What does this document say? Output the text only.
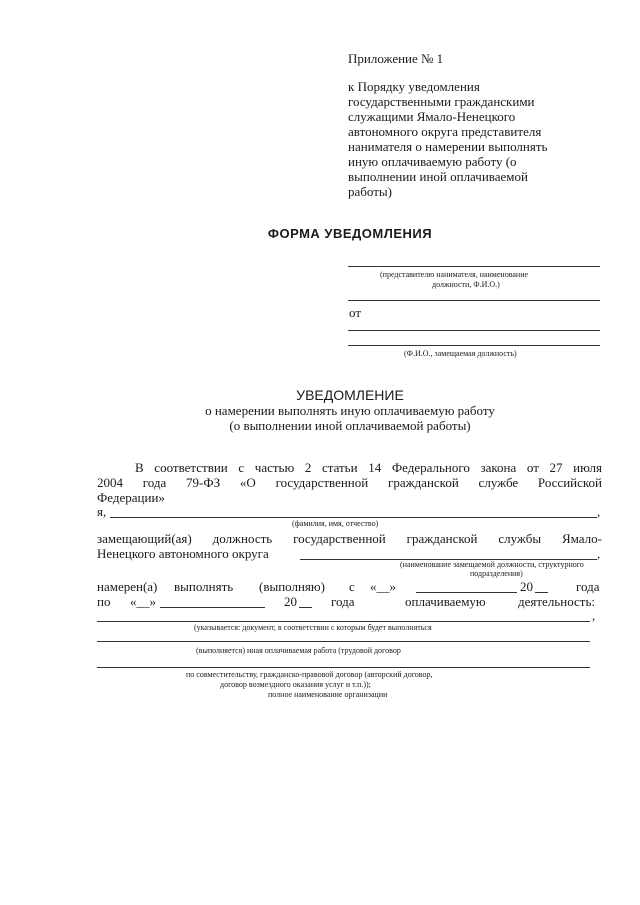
Приложение № 1
к Порядку уведомления
государственными гражданскими
служащими Ямало-Ненецкого
автономного округа представителя
нанимателя о намерении выполнять
иную оплачиваемую работу (о
выполнении иной оплачиваемой
работы)
ФОРМА УВЕДОМЛЕНИЯ
(представителю нанимателя, наименование
должности, Ф.И.О.)
от
(Ф.И.О., замещаемая должность)
УВЕДОМЛЕНИЕ
о намерении выполнять иную оплачиваемую работу
(о выполнении иной оплачиваемой работы)
В соответствии с частью 2 статьи 14 Федерального закона от 27 июля
2004 года 79-ФЗ «О государственной гражданской службе Российской
Федерации»
я,	,
(фамилия, имя, отчество)
замещающий(ая) должность государственной гражданской службы Ямало-
Ненецкого автономного округа	,
(наименование замещаемой должности, структурного
подразделения)
намерен(а) выполнять (выполняю) с «__»	20	года
по «__»	20	года	оплачиваемую деятельность:
,
(указывается: документ, в соответствии с которым будет выполняться
(выполняется) иная оплачиваемая работа (трудовой договор
по совместительству, гражданско-правовой договор (авторский договор,
договор возмездного оказания услуг и т.п.));
полное наименование организации
